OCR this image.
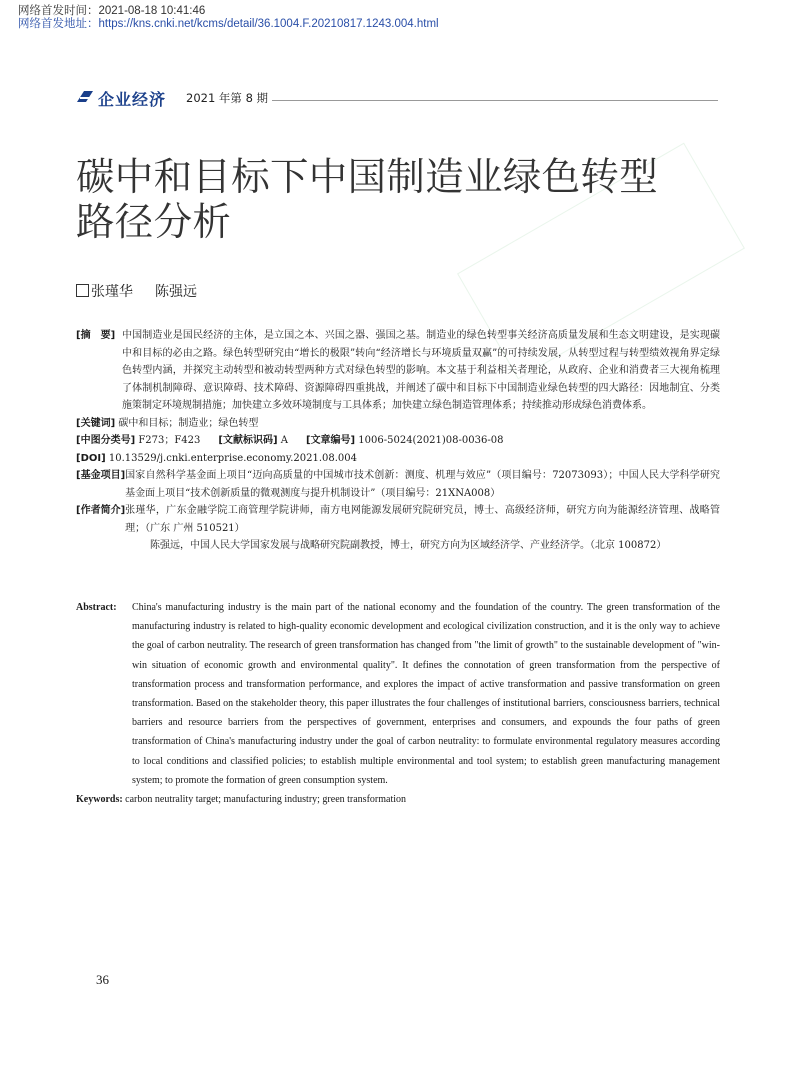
网络首发时间：2021-08-18 10:41:46
网络首发地址：https://kns.cnki.net/kcms/detail/36.1004.F.20210817.1243.004.html
企业经济 2021 年第 8 期
碳中和目标下中国制造业绿色转型
路径分析
张瑾华 陈强远
[摘　要] 中国制造业是国民经济的主体，是立国之本、兴国之器、强国之基。制造业的绿色转型事关经济高质量发展和生态文明建设，是实现碳中和目标的必由之路。绿色转型研究由“增长的极限”转向“经济增长与环境质量双赢”的可持续发展，从转型过程与转型绩效视角界定绿色转型内涵，并探究主动转型和被动转型两种方式对绿色转型的影响。本文基于利益相关者理论，从政府、企业和消费者三大视角梳理了体制机制障碍、意识障碍、技术障碍、资源障碍四重挑战，并阐述了碳中和目标下中国制造业绿色转型的四大路径：因地制宜、分类施策制定环境规制措施；加快建立多效环境制度与工具体系；加快建立绿色制造管理体系；持续推动形成绿色消费体系。
[关键词] 碳中和目标；制造业；绿色转型
[中图分类号] F273；F423 [文献标识码] A [文章编号] 1006-5024(2021)08-0036-08
[DOI] 10.13529/j.cnki.enterprise.economy.2021.08.004
[基金项目] 国家自然科学基金面上项目“迈向高质量的中国城市技术创新：测度、机理与效应”（项目编号：72073093）；中国人民大学科学研究基金面上项目“技术创新质量的微观测度与提升机制设计”（项目编号：21XNA008）
[作者简介] 张瑾华，广东金融学院工商管理学院讲师，南方电网能源发展研究院研究员，博士、高级经济师，研究方向为能源经济管理、战略管理；（广东 广州 510521）
陈强远，中国人民大学国家发展与战略研究院副教授，博士，研究方向为区域经济学、产业经济学。（北京 100872）
Abstract:	China's manufacturing industry is the main part of the national economy and the foundation of the country. The green transformation of the manufacturing industry is related to high-quality economic development and ecological civilization construction, and it is the only way to achieve the goal of carbon neutrality. The research of green transformation has changed from "the limit of growth" to the sustainable development of "win-win situation of economic growth and environmental quality". It defines the connotation of green transformation from the perspective of transformation process and transformation performance, and explores the impact of active transformation and passive transformation on green transformation. Based on the stakeholder theory, this paper illustrates the four challenges of institutional barriers, consciousness barriers, technical barriers and resource barriers from the perspectives of government, enterprises and consumers, and expounds the four paths of green transformation of China's manufacturing industry under the goal of carbon neutrality: to formulate environmental regulatory measures according to local conditions and classified policies; to establish multiple environmental and tool system; to establish green manufacturing management system; to promote the formation of green consumption system.
Keywords: carbon neutrality target; manufacturing industry; green transformation
36
